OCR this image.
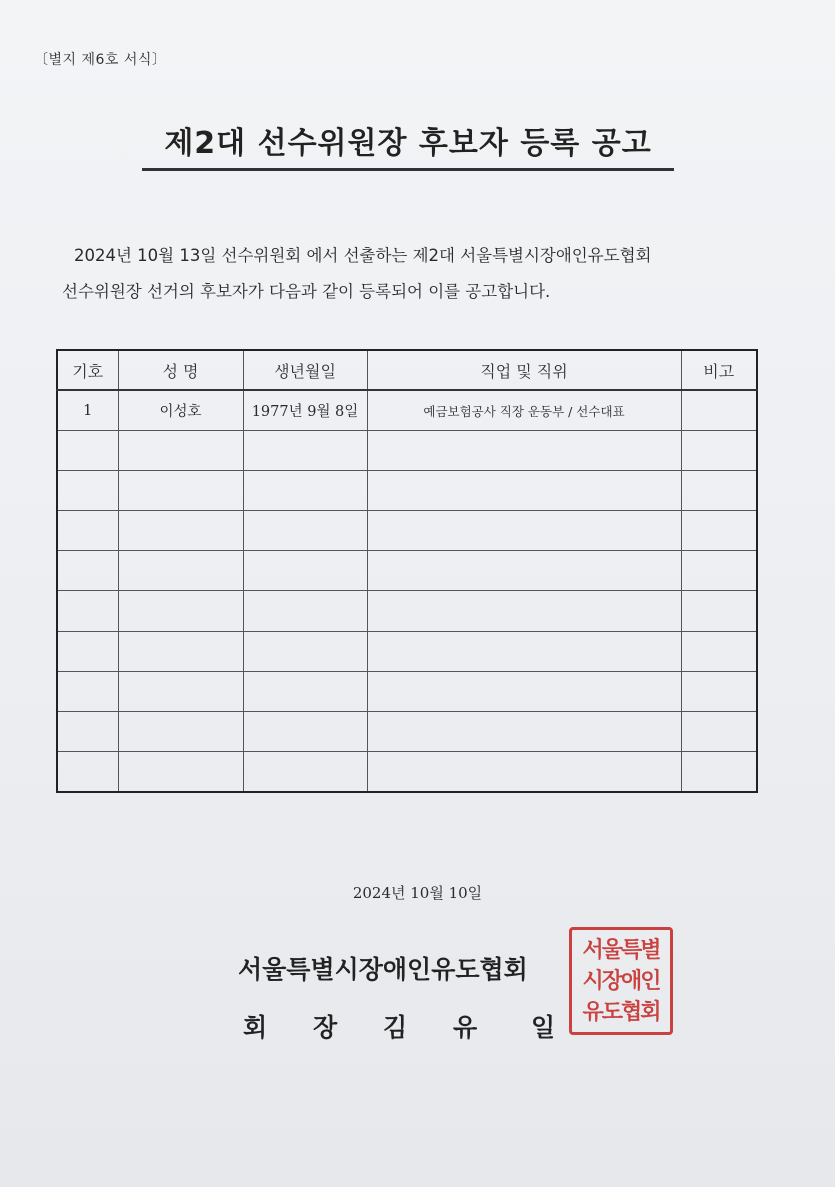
〔별지 제6호 서식〕
제2대 선수위원장 후보자 등록 공고
2024년 10월 13일 선수위원회 에서 선출하는 제2대 서울특별시장애인유도협회
선수위원장 선거의 후보자가 다음과 같이 등록되어 이를 공고합니다.
기호	성 명	생년월일	직업 및 직위	비고
1	이성호	1977년 9월 8일	예금보험공사 직장 운동부 / 선수대표	

2024년 10월 10일
서울특별시장애인유도협회
회 장 김 유 일
서울특별
시장애인
유도협회
